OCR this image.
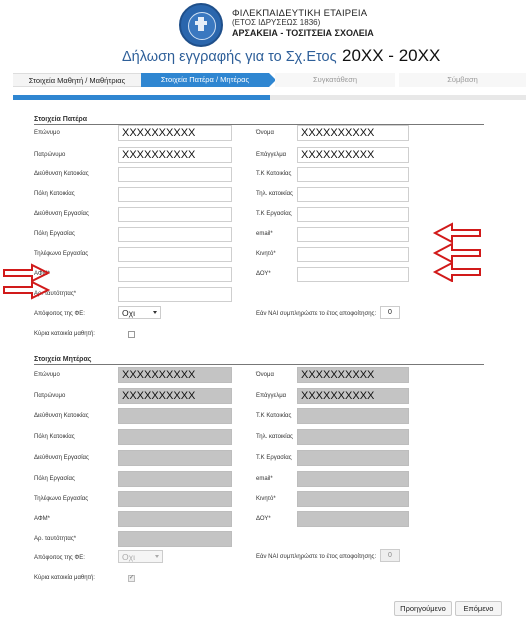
ΦΙΛΕΚΠΑΙΔΕΥΤΙΚΗ ΕΤΑΙΡΕΙΑ
(ΕΤΟΣ ΙΔΡΥΣΕΩΣ 1836)
ΑΡΣΑΚΕΙΑ - ΤΟΣΙΤΣΕΙΑ ΣΧΟΛΕΙΑ
Δήλωση εγγραφής για το Σχ.Ετος 20XX - 20XX
Στοιχεία Μαθητή / Μαθήτριας	Στοιχεία Πατέρα / Μητέρας	Συγκατάθεση	Σύμβαση
Στοιχεία Πατέρα
Επώνυμο	XXXXXXXXXX	Όνομα	XXXXXXXXXX
Πατρώνυμο	XXXXXXXXXX	Επάγγελμα	XXXXXXXXXX
Διεύθυνση Κατοικίας	Τ.Κ Κατοικίας
Πόλη Κατοικίας	Τηλ. κατοικίας
Διεύθυνση Εργασίας	Τ.Κ Εργασίας
Πόλη Εργασίας	email*
Τηλέφωνο Εργασίας	Κινητό*
ΑΦΜ*	ΔΟΥ*
Αρ. ταυτότητας*
Απόφοιτος της ΦΕ:	Οχι	Εάν ΝΑΙ συμπληρώστε το έτος αποφοίτησης:	0
Κύρια κατοικία μαθητή:
Στοιχεία Μητέρας
Επώνυμο	XXXXXXXXXX	Όνομα	XXXXXXXXXX
Πατρώνυμο	XXXXXXXXXX	Επάγγελμα	XXXXXXXXXX
Διεύθυνση Κατοικίας	Τ.Κ Κατοικίας
Πόλη Κατοικίας	Τηλ. κατοικίας
Διεύθυνση Εργασίας	Τ.Κ Εργασίας
Πόλη Εργασίας	email*
Τηλέφωνο Εργασίας	Κινητό*
ΑΦΜ*	ΔΟΥ*
Αρ. ταυτότητας*
Απόφοιτος της ΦΕ:	Οχι	Εάν ΝΑΙ συμπληρώστε το έτος αποφοίτησης:	0
Κύρια κατοικία μαθητή:	✓
Προηγούμενο	Επόμενο
